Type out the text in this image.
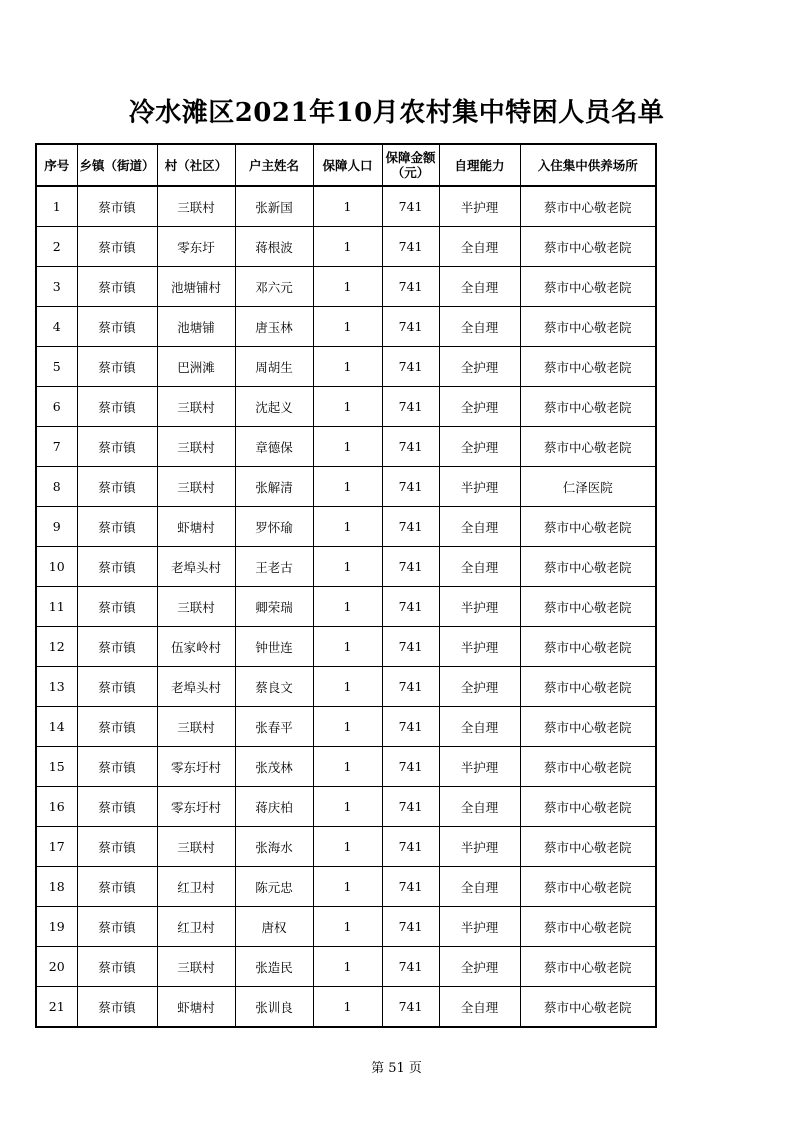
冷水滩区2021年10月农村集中特困人员名单
序号	乡镇（街道）	村（社区）	户主姓名	保障人口	保障金额（元）	自理能力	入住集中供养场所
1	蔡市镇	三联村	张新国	1	741	半护理	蔡市中心敬老院
2	蔡市镇	零东圩	蒋根波	1	741	全自理	蔡市中心敬老院
3	蔡市镇	池塘铺村	邓六元	1	741	全自理	蔡市中心敬老院
4	蔡市镇	池塘铺	唐玉林	1	741	全自理	蔡市中心敬老院
5	蔡市镇	巴洲滩	周胡生	1	741	全护理	蔡市中心敬老院
6	蔡市镇	三联村	沈起义	1	741	全护理	蔡市中心敬老院
7	蔡市镇	三联村	章德保	1	741	全护理	蔡市中心敬老院
8	蔡市镇	三联村	张解清	1	741	半护理	仁泽医院
9	蔡市镇	虾塘村	罗怀瑜	1	741	全自理	蔡市中心敬老院
10	蔡市镇	老埠头村	王老古	1	741	全自理	蔡市中心敬老院
11	蔡市镇	三联村	卿荣瑞	1	741	半护理	蔡市中心敬老院
12	蔡市镇	伍家岭村	钟世连	1	741	半护理	蔡市中心敬老院
13	蔡市镇	老埠头村	蔡良文	1	741	全护理	蔡市中心敬老院
14	蔡市镇	三联村	张春平	1	741	全自理	蔡市中心敬老院
15	蔡市镇	零东圩村	张茂林	1	741	半护理	蔡市中心敬老院
16	蔡市镇	零东圩村	蒋庆柏	1	741	全自理	蔡市中心敬老院
17	蔡市镇	三联村	张海水	1	741	半护理	蔡市中心敬老院
18	蔡市镇	红卫村	陈元忠	1	741	全自理	蔡市中心敬老院
19	蔡市镇	红卫村	唐权	1	741	半护理	蔡市中心敬老院
20	蔡市镇	三联村	张造民	1	741	全护理	蔡市中心敬老院
21	蔡市镇	虾塘村	张训良	1	741	全自理	蔡市中心敬老院
第 51 页
